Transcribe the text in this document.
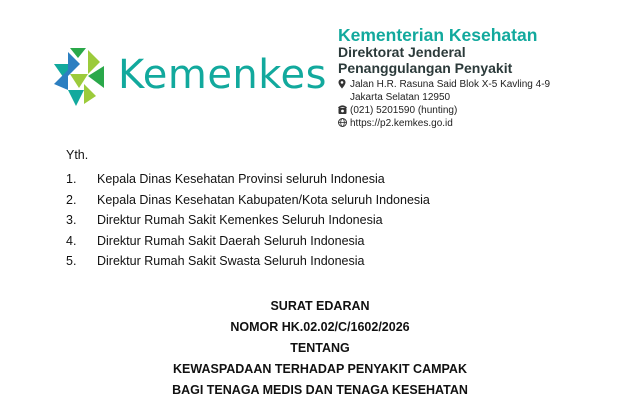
Kemenkes
Kementerian Kesehatan
Direktorat Jenderal
Penanggulangan Penyakit
Jalan H.R. Rasuna Said Blok X-5 Kavling 4-9
Jakarta Selatan 12950
(021) 5201590 (hunting)
https://p2.kemkes.go.id
Yth.
1.	Kepala Dinas Kesehatan Provinsi seluruh Indonesia
2.	Kepala Dinas Kesehatan Kabupaten/Kota seluruh Indonesia
3.	Direktur Rumah Sakit Kemenkes Seluruh Indonesia
4.	Direktur Rumah Sakit Daerah Seluruh Indonesia
5.	Direktur Rumah Sakit Swasta Seluruh Indonesia
SURAT EDARAN
NOMOR HK.02.02/C/1602/2026
TENTANG
KEWASPADAAN TERHADAP PENYAKIT CAMPAK
BAGI TENAGA MEDIS DAN TENAGA KESEHATAN
